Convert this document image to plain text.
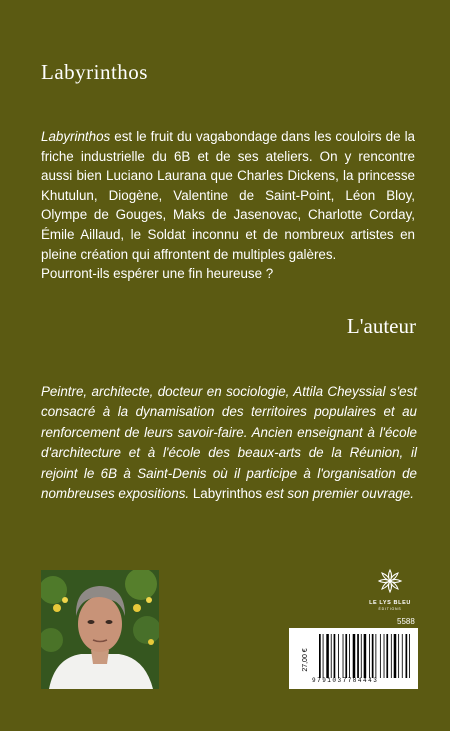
Labyrinthos

Labyrinthos est le fruit du vagabondage dans les couloirs de la friche industrielle du 6B et de ses ateliers. On y rencontre aussi bien Luciano Laurana que Charles Dickens, la princesse Khutulun, Diogène, Valentine de Saint-Point, Léon Bloy, Olympe de Gouges, Maks de Jasenovac, Charlotte Corday, Émile Aillaud, le Soldat inconnu et de nombreux artistes en pleine création qui affrontent de multiples galères.
Pourront-ils espérer une fin heureuse ?

L'auteur

Peintre, architecte, docteur en sociologie, Attila Cheyssial s'est consacré à la dynamisation des territoires populaires et au renforcement de leurs savoir-faire. Ancien enseignant à l'école d'architecture et à l'école des beaux-arts de la Réunion, il rejoint le 6B à Saint-Denis où il participe à l'organisation de nombreuses expositions. Labyrinthos est son premier ouvrage.

LE LYS BLEU
ÉDITIONS
5588
27,00 €
9791037784443
